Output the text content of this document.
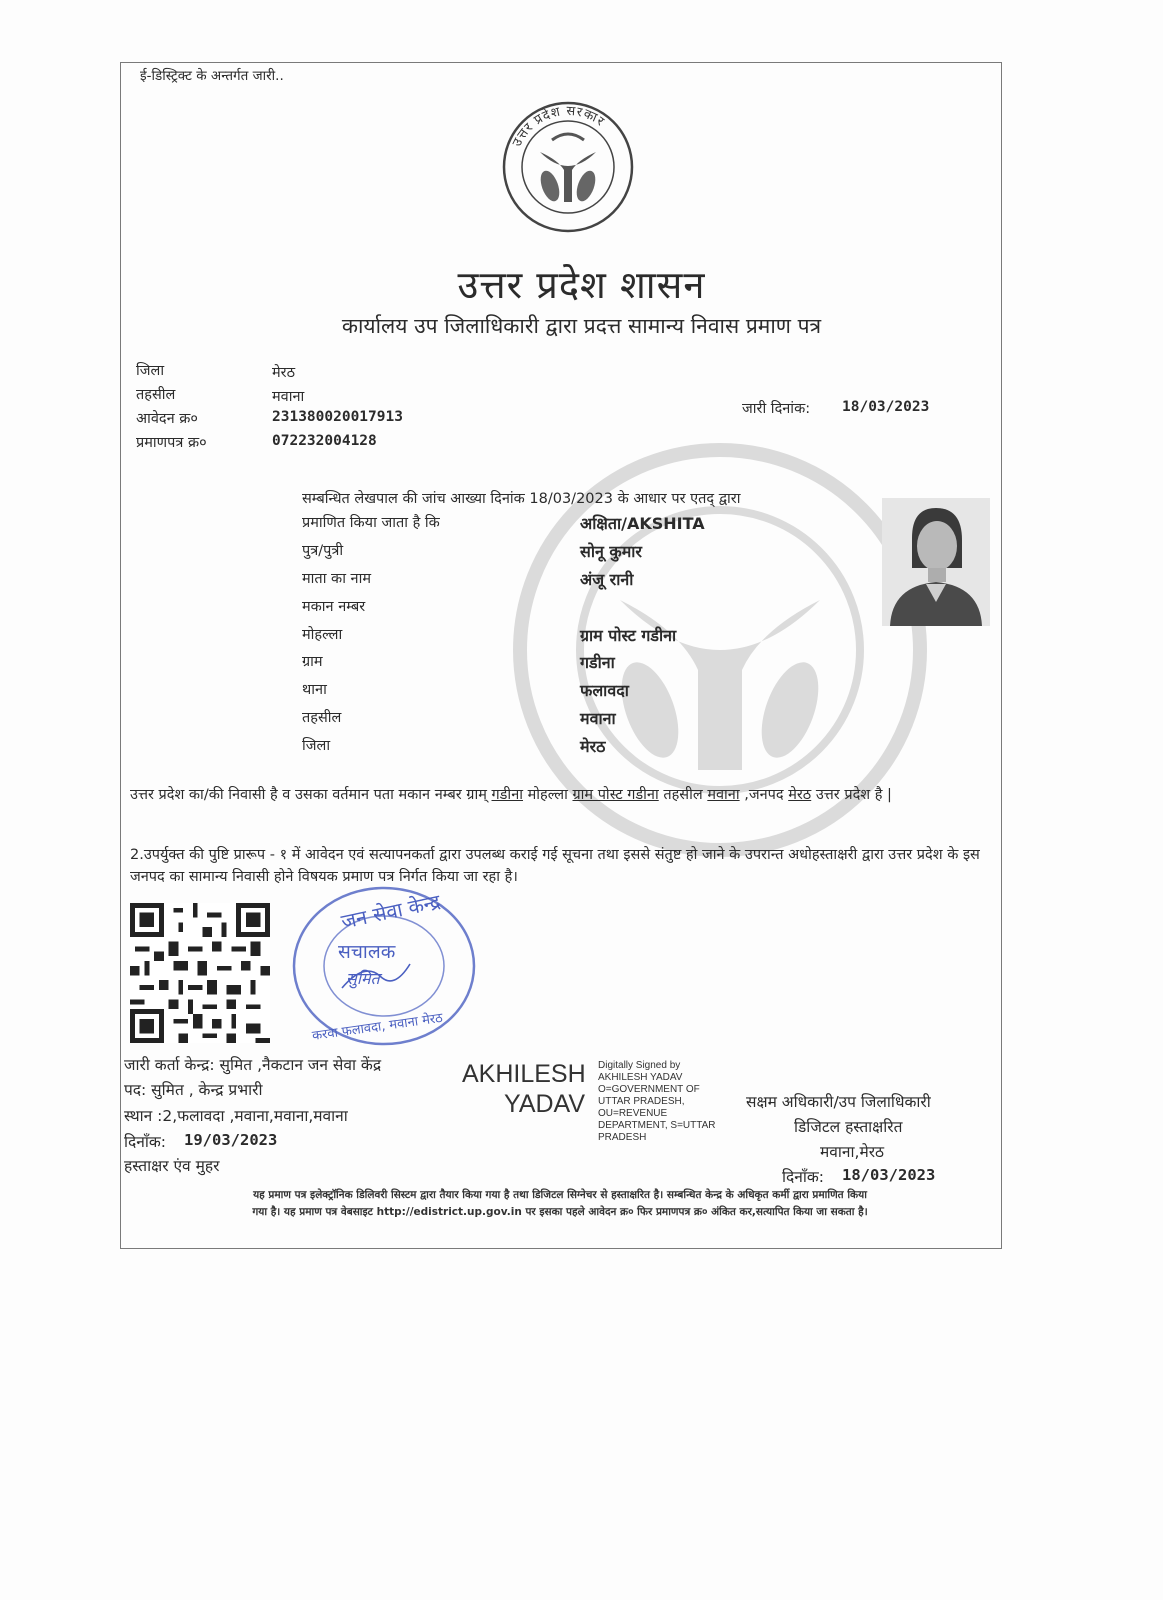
ई-डिस्ट्रिक्ट के अन्तर्गत जारी..
उत्तर प्रदेश सरकार
उत्तर प्रदेश शासन
कार्यालय उप जिलाधिकारी द्वारा प्रदत्त सामान्य निवास प्रमाण पत्र
जिला	मेरठ
तहसील	मवाना
आवेदन क्र०	231380020017913
प्रमाणपत्र क्र०	072232004128
जारी दिनांक: 18/03/2023
सम्बन्धित लेखपाल की जांच आख्या दिनांक 18/03/2023 के आधार पर एतद् द्वारा
प्रमाणित किया जाता है कि	अक्षिता/AKSHITA
पुत्र/पुत्री	सोनू कुमार
माता का नाम	अंजू रानी
मकान नम्बर
मोहल्ला	ग्राम पोस्ट गडीना
ग्राम	गडीना
थाना	फलावदा
तहसील	मवाना
जिला	मेरठ
उत्तर प्रदेश का/की निवासी है व उसका वर्तमान पता मकान नम्बर ग्राम् गडीना मोहल्ला ग्राम पोस्ट गडीना तहसील मवाना ,जनपद मेरठ उत्तर प्रदेश है |
2.उपर्युक्त की पुष्टि प्रारूप - १ में आवेदन एवं सत्यापनकर्ता द्वारा उपलब्ध कराई गई सूचना तथा इससे संतुष्ट हो जाने के उपरान्त अधोहस्ताक्षरी द्वारा उत्तर प्रदेश के इस जनपद का सामान्य निवासी होने विषयक प्रमाण पत्र निर्गत किया जा रहा है।
जन सेवा केन्द्र
सचालक
सुमित
करवा फलावदा, मवाना मेरठ
जारी कर्ता केन्द्र: सुमित ,नैकटान जन सेवा केंद्र
पद: सुमित , केन्द्र प्रभारी
स्थान :2,फलावदा ,मवाना,मवाना,मवाना
दिनाँक: 19/03/2023
हस्ताक्षर एंव मुहर
AKHILESH
YADAV
Digitally Signed by
AKHILESH YADAV
O=GOVERNMENT OF
UTTAR PRADESH,
OU=REVENUE
DEPARTMENT, S=UTTAR
PRADESH
सक्षम अधिकारी/उप जिलाधिकारी
डिजिटल हस्ताक्षरित
मवाना,मेरठ
दिनाँक: 18/03/2023
यह प्रमाण पत्र इलेक्ट्रॉनिक डिलिवरी सिस्टम द्वारा तैयार किया गया है तथा डिजिटल सिग्नेचर से हस्ताक्षरित है। सम्बन्धित केन्द्र के अधिकृत कर्मी द्वारा प्रमाणित किया
गया है। यह प्रमाण पत्र वेबसाइट http://edistrict.up.gov.in पर इसका पहले आवेदन क्र० फिर प्रमाणपत्र क्र० अंकित कर,सत्यापित किया जा सकता है।
